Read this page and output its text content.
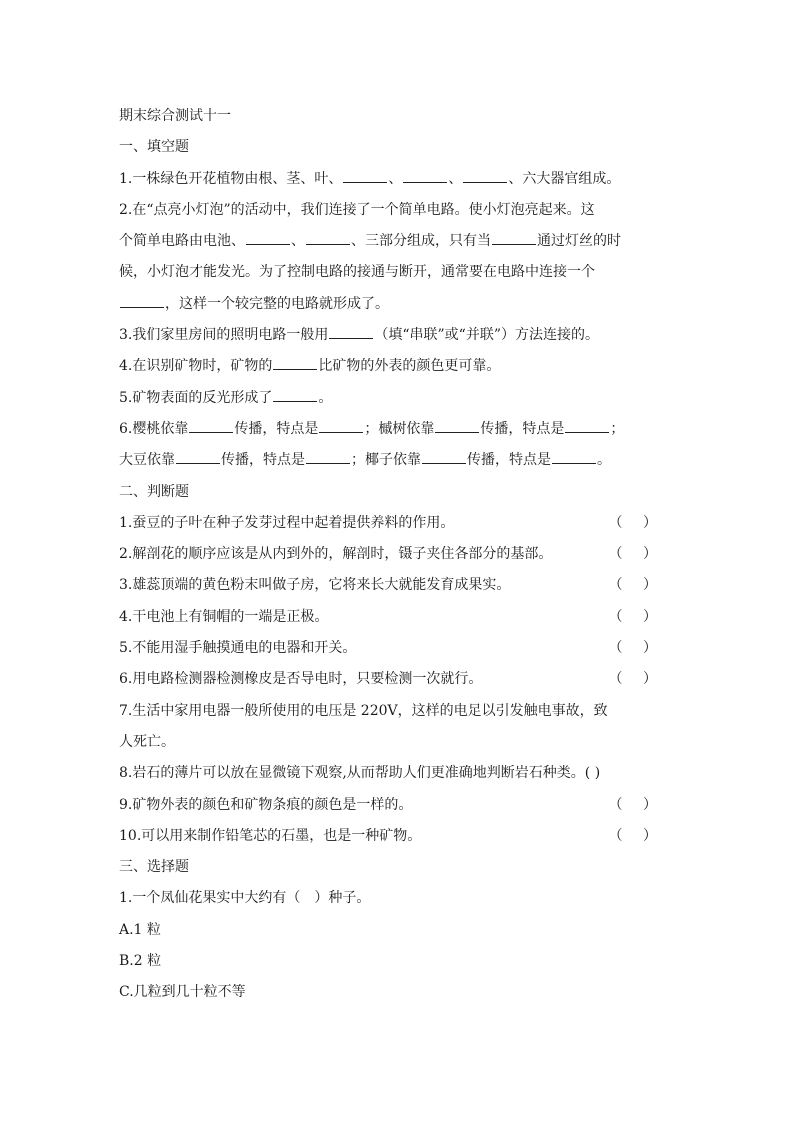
期末综合测试十一
一、填空题
1.一株绿色开花植物由根、茎、叶、	、	、	、六大器官组成。
2.在“点亮小灯泡”的活动中，我们连接了一个简单电路。使小灯泡亮起来。这
个简单电路由电池、	、	、三部分组成，只有当	通过灯丝的时
候，小灯泡才能发光。为了控制电路的接通与断开，通常要在电路中连接一个
，这样一个较完整的电路就形成了。
3.我们家里房间的照明电路一般用	（填“串联”或“并联”）方法连接的。
4.在识别矿物时，矿物的	比矿物的外表的颜色更可靠。
5.矿物表面的反光形成了	。
6.樱桃依靠	传播，特点是	；槭树依靠	传播，特点是	；
大豆依靠	传播，特点是	；椰子依靠	传播，特点是	。
二、判断题
1.蚕豆的子叶在种子发芽过程中起着提供养料的作用。	（ ）
2.解剖花的顺序应该是从内到外的，解剖时，镊子夹住各部分的基部。	（ ）
3.雄蕊顶端的黄色粉末叫做子房，它将来长大就能发育成果实。	（ ）
4.干电池上有铜帽的一端是正极。	（ ）
5.不能用湿手触摸通电的电器和开关。	（ ）
6.用电路检测器检测橡皮是否导电时，只要检测一次就行。	（ ）
7.生活中家用电器一般所使用的电压是 220V，这样的电足以引发触电事故，致
人死亡。
8.岩石的薄片可以放在显微镜下观察,从而帮助人们更准确地判断岩石种类。( )
9.矿物外表的颜色和矿物条痕的颜色是一样的。	（ ）
10.可以用来制作铅笔芯的石墨，也是一种矿物。	（ ）
三、选择题
1.一个凤仙花果实中大约有（　）种子。
A.1 粒
B.2 粒
C.几粒到几十粒不等
